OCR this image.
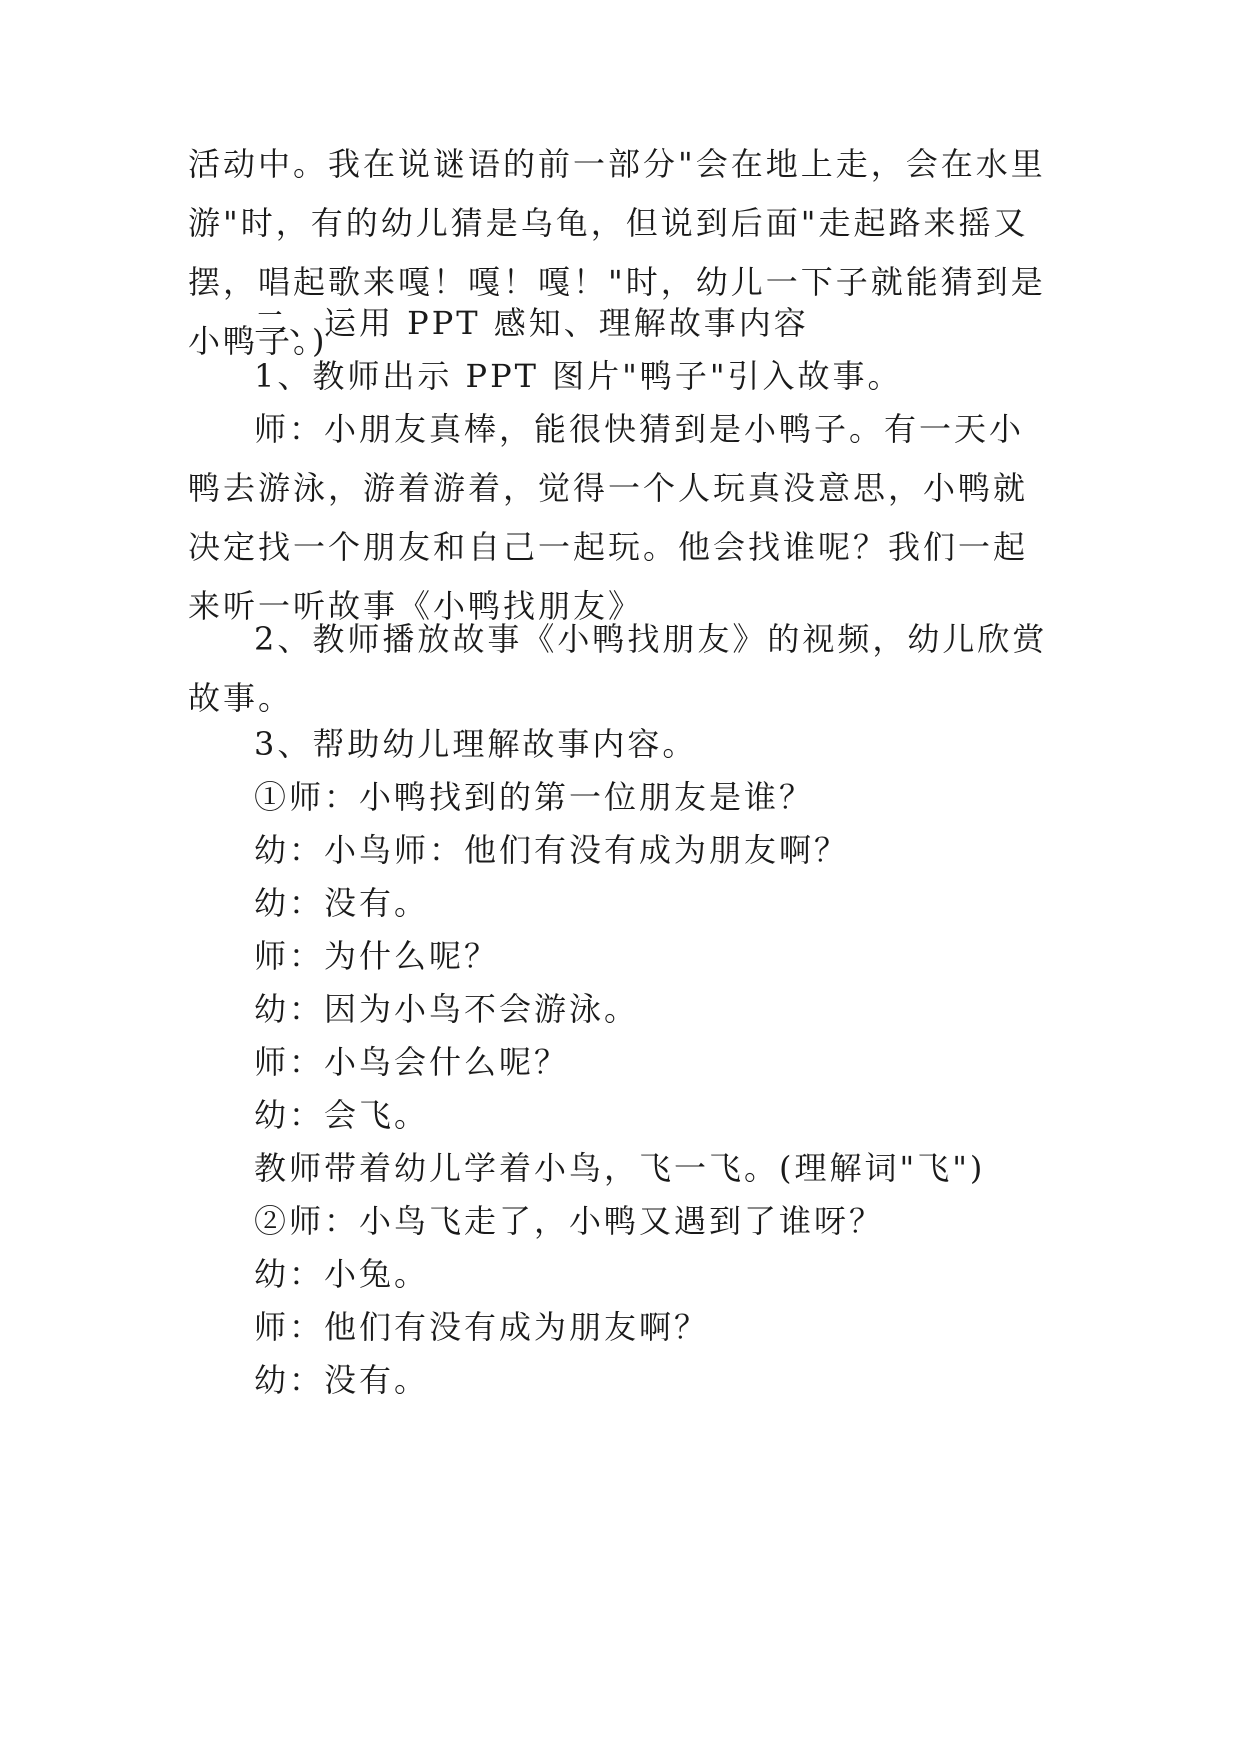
活动中。我在说谜语的前一部分"会在地上走，会在水里游"时，有的幼儿猜是乌龟，但说到后面"走起路来摇又摆，唱起歌来嘎！嘎！嘎！"时，幼儿一下子就能猜到是小鸭子。)

二、运用 PPT 感知、理解故事内容

1、教师出示 PPT 图片"鸭子"引入故事。

师：小朋友真棒，能很快猜到是小鸭子。有一天小鸭去游泳，游着游着，觉得一个人玩真没意思，小鸭就决定找一个朋友和自己一起玩。他会找谁呢？我们一起来听一听故事《小鸭找朋友》

2、教师播放故事《小鸭找朋友》的视频，幼儿欣赏故事。

3、帮助幼儿理解故事内容。

①师：小鸭找到的第一位朋友是谁？

幼：小鸟师：他们有没有成为朋友啊？

幼：没有。

师：为什么呢？

幼：因为小鸟不会游泳。

师：小鸟会什么呢？

幼：会飞。

教师带着幼儿学着小鸟，飞一飞。(理解词"飞")

②师：小鸟飞走了，小鸭又遇到了谁呀？

幼：小兔。

师：他们有没有成为朋友啊？

幼：没有。
